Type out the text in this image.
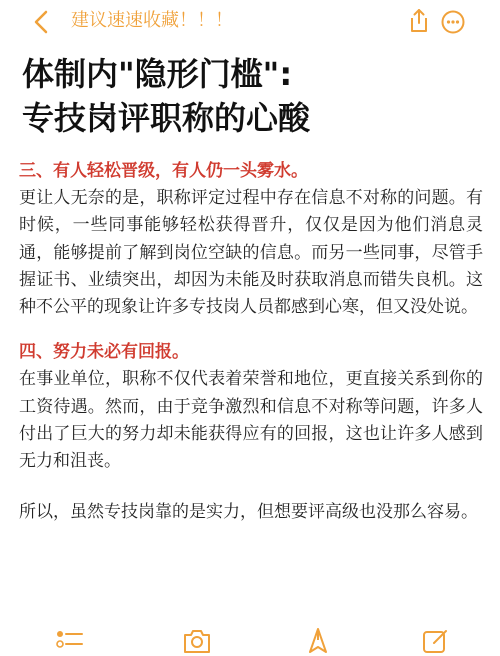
建议速速收藏！！！
体制内"隐形门槛":
专技岗评职称的心酸
三、有人轻松晋级，有人仍一头雾水。

更让人无奈的是，职称评定过程中存在信息不对称的问题。有时候，一些同事能够轻松获得晋升，仅仅是因为他们消息灵通，能够提前了解到岗位空缺的信息。而另一些同事，尽管手握证书、业绩突出，却因为未能及时获取消息而错失良机。这种不公平的现象让许多专技岗人员都感到心寒，但又没处说。

四、努力未必有回报。

在事业单位，职称不仅代表着荣誉和地位，更直接关系到你的工资待遇。然而，由于竞争激烈和信息不对称等问题，许多人付出了巨大的努力却未能获得应有的回报，这也让许多人感到无力和沮丧。

所以，虽然专技岗靠的是实力，但想要评高级也没那么容易。
